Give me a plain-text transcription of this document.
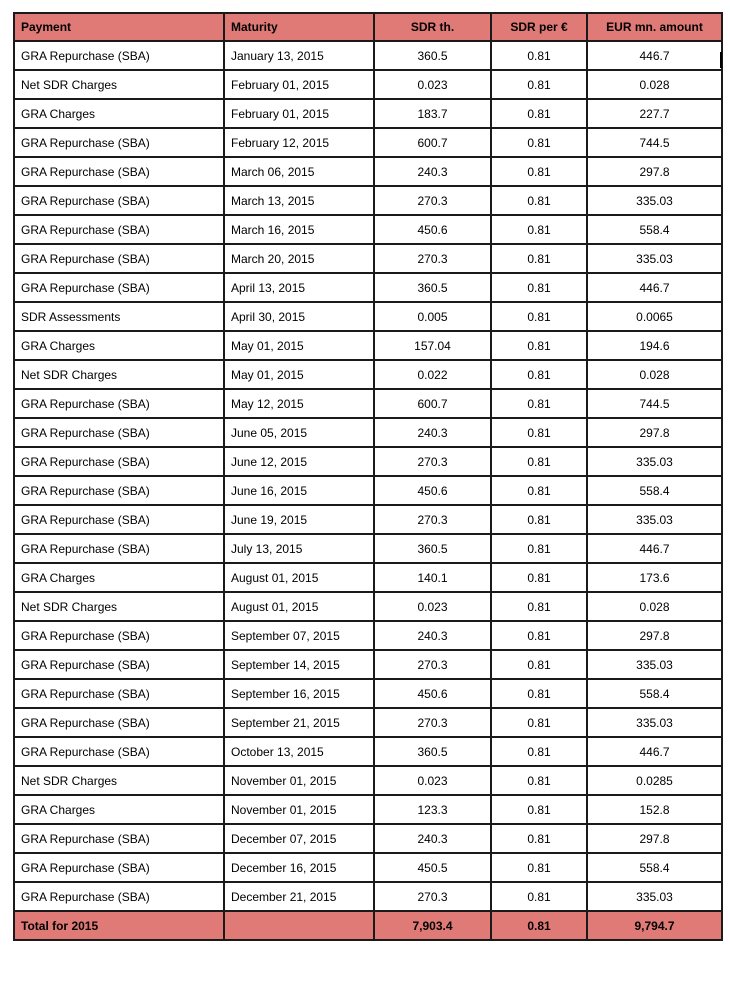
Payment	Maturity	SDR th.	SDR per €	EUR mn. amount
GRA Repurchase (SBA)	January 13, 2015	360.5	0.81	446.7
Net SDR Charges	February 01, 2015	0.023	0.81	0.028
GRA Charges	February 01, 2015	183.7	0.81	227.7
GRA Repurchase (SBA)	February 12, 2015	600.7	0.81	744.5
GRA Repurchase (SBA)	March 06, 2015	240.3	0.81	297.8
GRA Repurchase (SBA)	March 13, 2015	270.3	0.81	335.03
GRA Repurchase (SBA)	March 16, 2015	450.6	0.81	558.4
GRA Repurchase (SBA)	March 20, 2015	270.3	0.81	335.03
GRA Repurchase (SBA)	April 13, 2015	360.5	0.81	446.7
SDR Assessments	April 30, 2015	0.005	0.81	0.0065
GRA Charges	May 01, 2015	157.04	0.81	194.6
Net SDR Charges	May 01, 2015	0.022	0.81	0.028
GRA Repurchase (SBA)	May 12, 2015	600.7	0.81	744.5
GRA Repurchase (SBA)	June 05, 2015	240.3	0.81	297.8
GRA Repurchase (SBA)	June 12, 2015	270.3	0.81	335.03
GRA Repurchase (SBA)	June 16, 2015	450.6	0.81	558.4
GRA Repurchase (SBA)	June 19, 2015	270.3	0.81	335.03
GRA Repurchase (SBA)	July 13, 2015	360.5	0.81	446.7
GRA Charges	August 01, 2015	140.1	0.81	173.6
Net SDR Charges	August 01, 2015	0.023	0.81	0.028
GRA Repurchase (SBA)	September 07, 2015	240.3	0.81	297.8
GRA Repurchase (SBA)	September 14, 2015	270.3	0.81	335.03
GRA Repurchase (SBA)	September 16, 2015	450.6	0.81	558.4
GRA Repurchase (SBA)	September 21, 2015	270.3	0.81	335.03
GRA Repurchase (SBA)	October 13, 2015	360.5	0.81	446.7
Net SDR Charges	November 01, 2015	0.023	0.81	0.0285
GRA Charges	November 01, 2015	123.3	0.81	152.8
GRA Repurchase (SBA)	December 07, 2015	240.3	0.81	297.8
GRA Repurchase (SBA)	December 16, 2015	450.5	0.81	558.4
GRA Repurchase (SBA)	December 21, 2015	270.3	0.81	335.03
Total for 2015		7,903.4	0.81	9,794.7
